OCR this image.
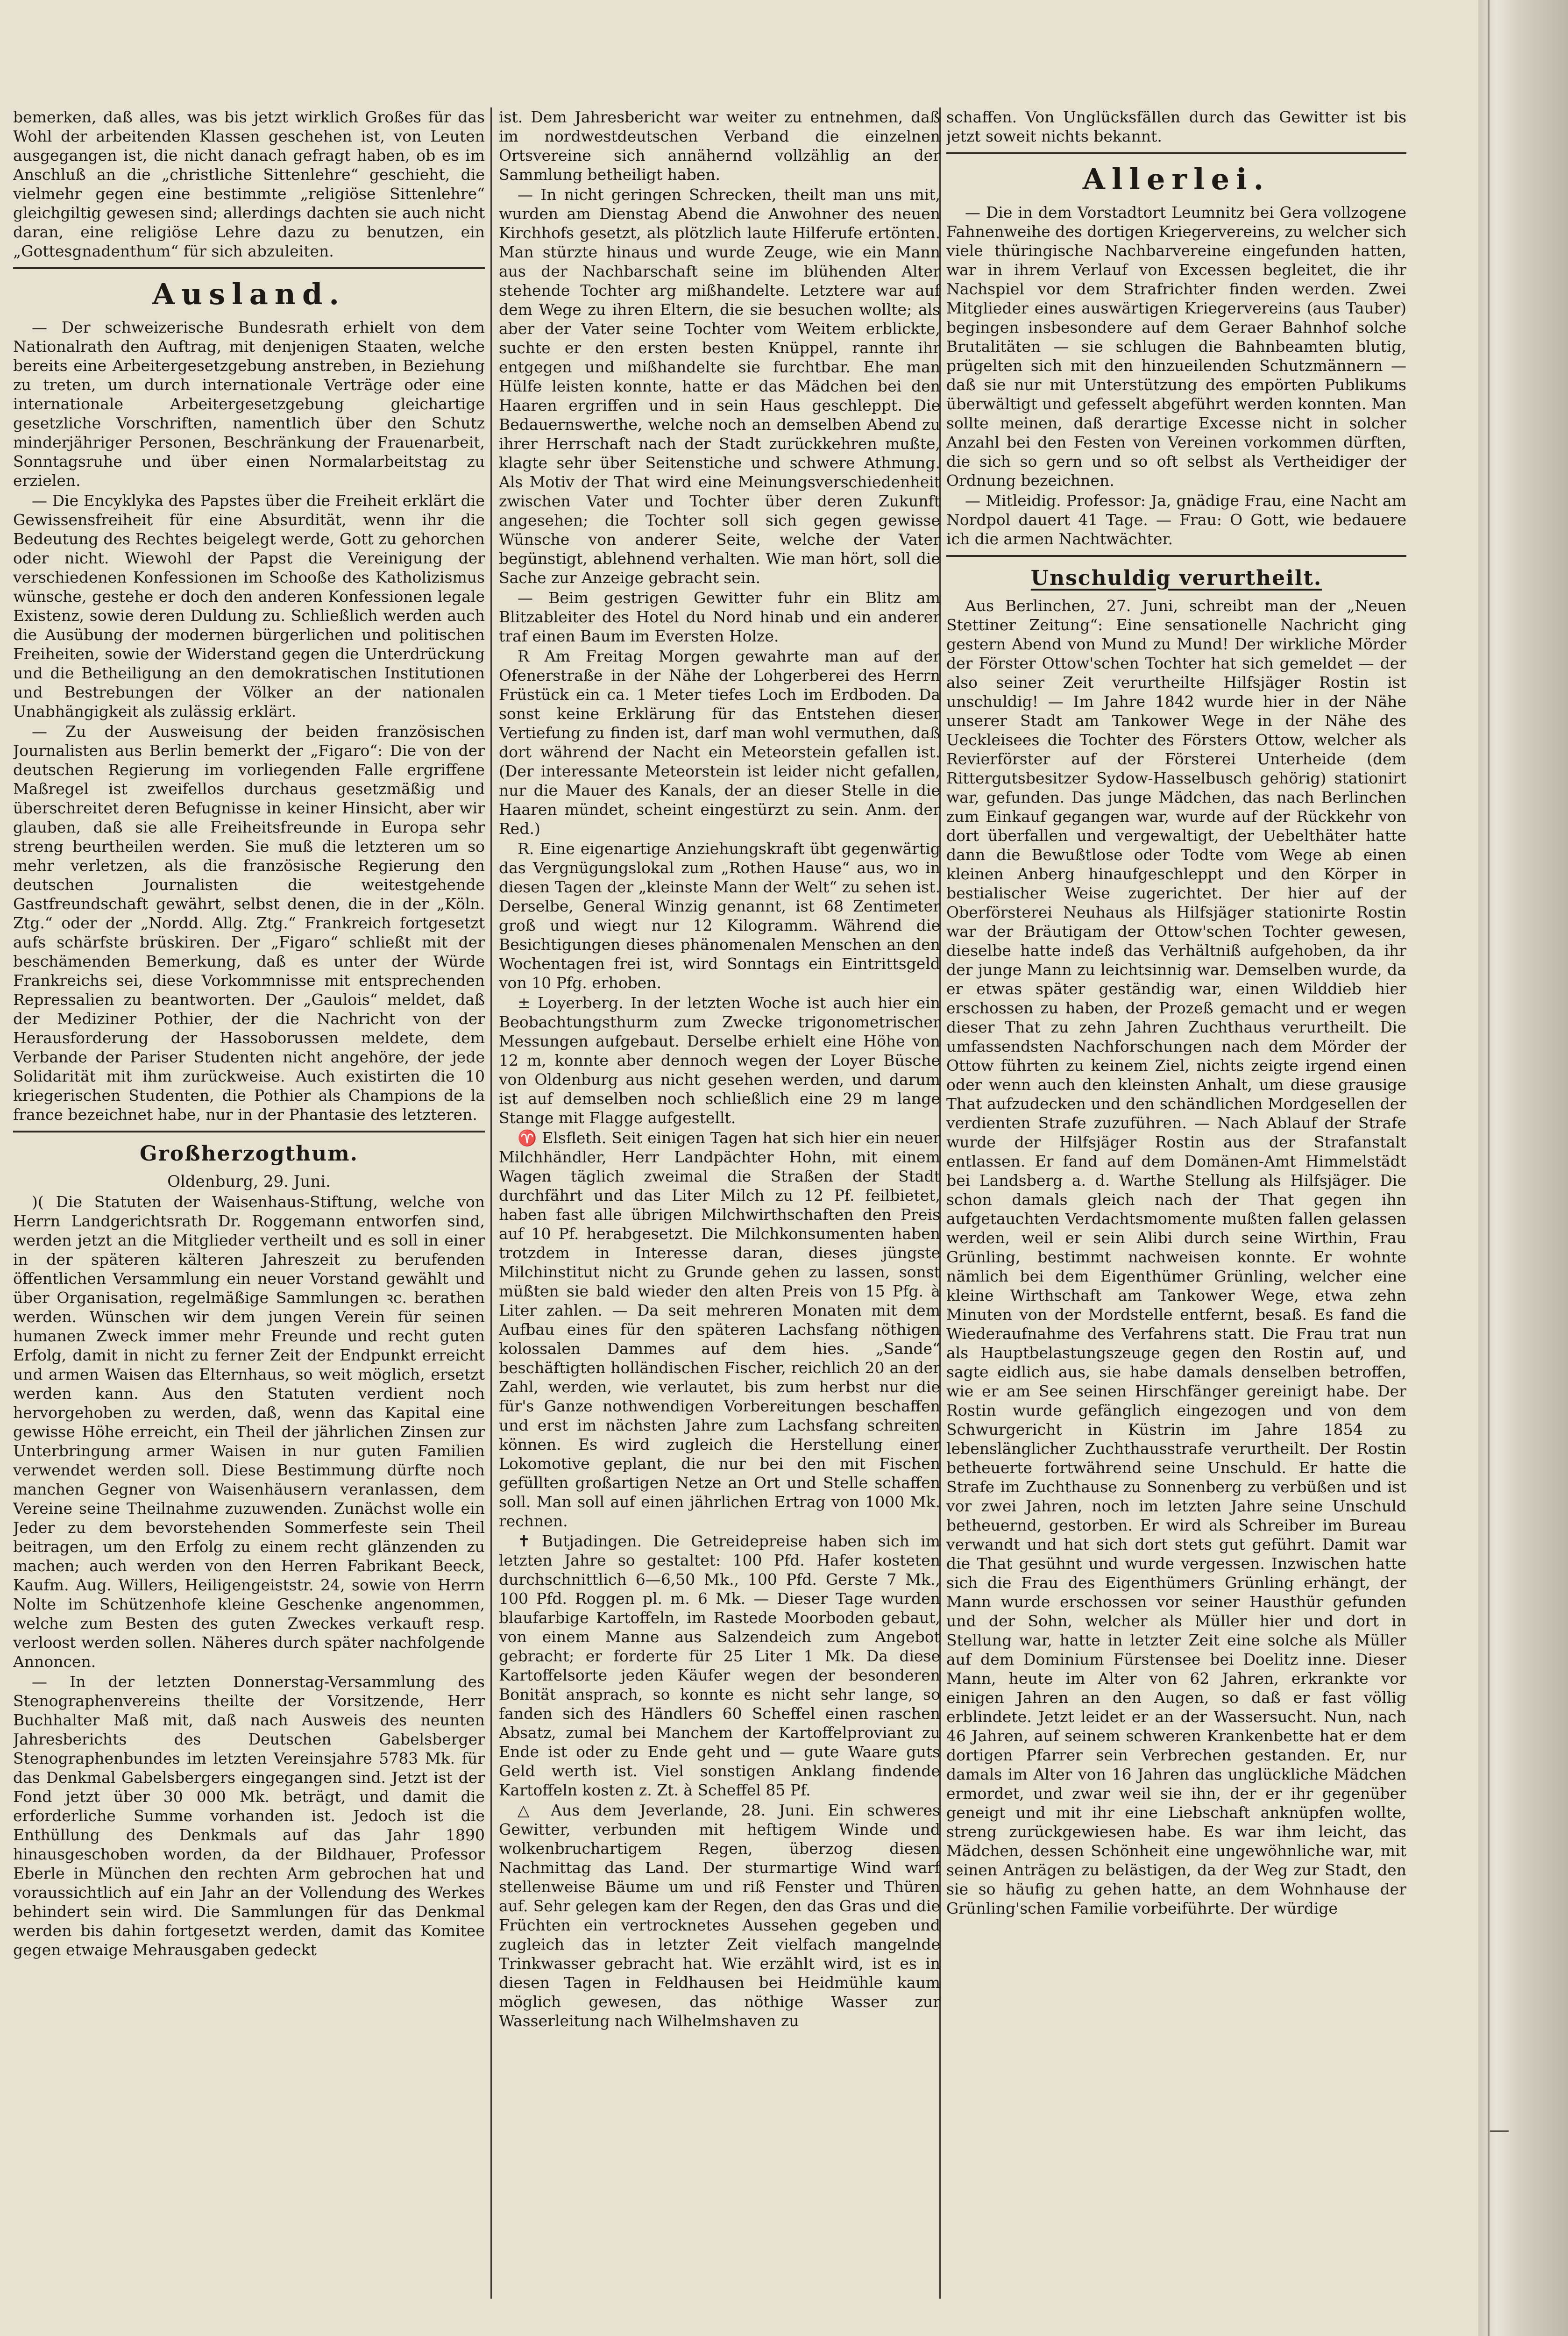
bemerken, daß alles, was bis jetzt wirklich Großes für das Wohl der arbeitenden Klassen geschehen ist, von Leuten ausgegangen ist, die nicht danach gefragt haben, ob es im Anschluß an die „christliche Sittenlehre“ geschieht, die vielmehr gegen eine bestimmte „religiöse Sittenlehre“ gleichgiltig gewesen sind; allerdings dachten sie auch nicht daran, eine religiöse Lehre dazu zu benutzen, ein „Gottesgnadenthum“ für sich abzuleiten.

Ausland.

— Der schweizerische Bundesrath erhielt von dem Nationalrath den Auftrag, mit denjenigen Staaten, welche bereits eine Arbeitergesetzgebung anstreben, in Beziehung zu treten, um durch internationale Verträge oder eine internationale Arbeitergesetzgebung gleichartige gesetzliche Vorschriften, namentlich über den Schutz minderjähriger Personen, Beschränkung der Frauenarbeit, Sonntagsruhe und über einen Normalarbeitstag zu erzielen.

— Die Encyklyka des Papstes über die Freiheit erklärt die Gewissensfreiheit für eine Absurdität, wenn ihr die Bedeutung des Rechtes beigelegt werde, Gott zu gehorchen oder nicht. Wiewohl der Papst die Vereinigung der verschiedenen Konfessionen im Schooße des Katholizismus wünsche, gestehe er doch den anderen Konfessionen legale Existenz, sowie deren Duldung zu. Schließlich werden auch die Ausübung der modernen bürgerlichen und politischen Freiheiten, sowie der Widerstand gegen die Unterdrückung und die Betheiligung an den demokratischen Institutionen und Bestrebungen der Völker an der nationalen Unabhängigkeit als zulässig erklärt.

— Zu der Ausweisung der beiden französischen Journalisten aus Berlin bemerkt der „Figaro“: Die von der deutschen Regierung im vorliegenden Falle ergriffene Maßregel ist zweifellos durchaus gesetzmäßig und überschreitet deren Befugnisse in keiner Hinsicht, aber wir glauben, daß sie alle Freiheitsfreunde in Europa sehr streng beurtheilen werden. Sie muß die letzteren um so mehr verletzen, als die französische Regierung den deutschen Journalisten die weitestgehende Gastfreundschaft gewährt, selbst denen, die in der „Köln. Ztg.“ oder der „Nordd. Allg. Ztg.“ Frankreich fortgesetzt aufs schärfste brüskiren. Der „Figaro“ schließt mit der beschämenden Bemerkung, daß es unter der Würde Frankreichs sei, diese Vorkommnisse mit entsprechenden Repressalien zu beantworten. Der „Gaulois“ meldet, daß der Mediziner Pothier, der die Nachricht von der Herausforderung der Hassoborussen meldete, dem Verbande der Pariser Studenten nicht angehöre, der jede Solidarität mit ihm zurückweise. Auch existirten die 10 kriegerischen Studenten, die Pothier als Champions de la france bezeichnet habe, nur in der Phantasie des letzteren.

Großherzogthum.

Oldenburg, 29. Juni.

)( Die Statuten der Waisenhaus-Stiftung, welche von Herrn Landgerichtsrath Dr. Roggemann entworfen sind, werden jetzt an die Mitglieder vertheilt und es soll in einer in der späteren kälteren Jahreszeit zu berufenden öffentlichen Versammlung ein neuer Vorstand gewählt und über Organisation, regelmäßige Sammlungen ꝛc. berathen werden. Wünschen wir dem jungen Verein für seinen humanen Zweck immer mehr Freunde und recht guten Erfolg, damit in nicht zu ferner Zeit der Endpunkt erreicht und armen Waisen das Elternhaus, so weit möglich, ersetzt werden kann. Aus den Statuten verdient noch hervorgehoben zu werden, daß, wenn das Kapital eine gewisse Höhe erreicht, ein Theil der jährlichen Zinsen zur Unterbringung armer Waisen in nur guten Familien verwendet werden soll. Diese Bestimmung dürfte noch manchen Gegner von Waisenhäusern veranlassen, dem Vereine seine Theilnahme zuzuwenden. Zunächst wolle ein Jeder zu dem bevorstehenden Sommerfeste sein Theil beitragen, um den Erfolg zu einem recht glänzenden zu machen; auch werden von den Herren Fabrikant Beeck, Kaufm. Aug. Willers, Heiligengeiststr. 24, sowie von Herrn Nolte im Schützenhofe kleine Geschenke angenommen, welche zum Besten des guten Zweckes verkauft resp. verloost werden sollen. Näheres durch später nachfolgende Annoncen.

— In der letzten Donnerstag-Versammlung des Stenographenvereins theilte der Vorsitzende, Herr Buchhalter Maß mit, daß nach Ausweis des neunten Jahresberichts des Deutschen Gabelsberger Stenographenbundes im letzten Vereinsjahre 5783 Mk. für das Denkmal Gabelsbergers eingegangen sind. Jetzt ist der Fond jetzt über 30 000 Mk. beträgt, und damit die erforderliche Summe vorhanden ist. Jedoch ist die Enthüllung des Denkmals auf das Jahr 1890 hinausgeschoben worden, da der Bildhauer, Professor Eberle in München den rechten Arm gebrochen hat und voraussichtlich auf ein Jahr an der Vollendung des Werkes behindert sein wird. Die Sammlungen für das Denkmal werden bis dahin fortgesetzt werden, damit das Komitee gegen etwaige Mehrausgaben gedeckt

ist. Dem Jahresbericht war weiter zu entnehmen, daß im nordwestdeutschen Verband die einzelnen Ortsvereine sich annähernd vollzählig an der Sammlung betheiligt haben.

— In nicht geringen Schrecken, theilt man uns mit, wurden am Dienstag Abend die Anwohner des neuen Kirchhofs gesetzt, als plötzlich laute Hilferufe ertönten. Man stürzte hinaus und wurde Zeuge, wie ein Mann aus der Nachbarschaft seine im blühenden Alter stehende Tochter arg mißhandelte. Letztere war auf dem Wege zu ihren Eltern, die sie besuchen wollte; als aber der Vater seine Tochter vom Weitem erblickte, suchte er den ersten besten Knüppel, rannte ihr entgegen und mißhandelte sie furchtbar. Ehe man Hülfe leisten konnte, hatte er das Mädchen bei den Haaren ergriffen und in sein Haus geschleppt. Die Bedauernswerthe, welche noch an demselben Abend zu ihrer Herrschaft nach der Stadt zurückkehren mußte, klagte sehr über Seitenstiche und schwere Athmung. Als Motiv der That wird eine Meinungsverschiedenheit zwischen Vater und Tochter über deren Zukunft angesehen; die Tochter soll sich gegen gewisse Wünsche von anderer Seite, welche der Vater begünstigt, ablehnend verhalten. Wie man hört, soll die Sache zur Anzeige gebracht sein.

— Beim gestrigen Gewitter fuhr ein Blitz am Blitzableiter des Hotel du Nord hinab und ein anderer traf einen Baum im Eversten Holze.

R Am Freitag Morgen gewahrte man auf der Ofenerstraße in der Nähe der Lohgerberei des Herrn Früstück ein ca. 1 Meter tiefes Loch im Erdboden. Da sonst keine Erklärung für das Entstehen dieser Vertiefung zu finden ist, darf man wohl vermuthen, daß dort während der Nacht ein Meteorstein gefallen ist. (Der interessante Meteorstein ist leider nicht gefallen, nur die Mauer des Kanals, der an dieser Stelle in die Haaren mündet, scheint eingestürzt zu sein. Anm. der Red.)

R. Eine eigenartige Anziehungskraft übt gegenwärtig das Vergnügungslokal zum „Rothen Hause“ aus, wo in diesen Tagen der „kleinste Mann der Welt“ zu sehen ist. Derselbe, General Winzig genannt, ist 68 Zentimeter groß und wiegt nur 12 Kilogramm. Während die Besichtigungen dieses phänomenalen Menschen an den Wochentagen frei ist, wird Sonntags ein Eintrittsgeld von 10 Pfg. erhoben.

± Loyerberg. In der letzten Woche ist auch hier ein Beobachtungsthurm zum Zwecke trigonometrischer Messungen aufgebaut. Derselbe erhielt eine Höhe von 12 m, konnte aber dennoch wegen der Loyer Büsche von Oldenburg aus nicht gesehen werden, und darum ist auf demselben noch schließlich eine 29 m lange Stange mit Flagge aufgestellt.

♈ Elsfleth. Seit einigen Tagen hat sich hier ein neuer Milchhändler, Herr Landpächter Hohn, mit einem Wagen täglich zweimal die Straßen der Stadt durchfährt und das Liter Milch zu 12 Pf. feilbietet, haben fast alle übrigen Milchwirthschaften den Preis auf 10 Pf. herabgesetzt. Die Milchkonsumenten haben trotzdem in Interesse daran, dieses jüngste Milchinstitut nicht zu Grunde gehen zu lassen, sonst müßten sie bald wieder den alten Preis von 15 Pfg. à Liter zahlen. — Da seit mehreren Monaten mit dem Aufbau eines für den späteren Lachsfang nöthigen kolossalen Dammes auf dem hies. „Sande“ beschäftigten holländischen Fischer, reichlich 20 an der Zahl, werden, wie verlautet, bis zum herbst nur die für's Ganze nothwendigen Vorbereitungen beschaffen und erst im nächsten Jahre zum Lachsfang schreiten können. Es wird zugleich die Herstellung einer Lokomotive geplant, die nur bei den mit Fischen gefüllten großartigen Netze an Ort und Stelle schaffen soll. Man soll auf einen jährlichen Ertrag von 1000 Mk. rechnen.

✝ Butjadingen. Die Getreidepreise haben sich im letzten Jahre so gestaltet: 100 Pfd. Hafer kosteten durchschnittlich 6—6,50 Mk., 100 Pfd. Gerste 7 Mk., 100 Pfd. Roggen pl. m. 6 Mk. — Dieser Tage wurden blaufarbige Kartoffeln, im Rastede Moorboden gebaut, von einem Manne aus Salzendeich zum Angebot gebracht; er forderte für 25 Liter 1 Mk. Da diese Kartoffelsorte jeden Käufer wegen der besonderen Bonität ansprach, so konnte es nicht sehr lange, so fanden sich des Händlers 60 Scheffel einen raschen Absatz, zumal bei Manchem der Kartoffelproviant zu Ende ist oder zu Ende geht und — gute Waare guts Geld werth ist. Viel sonstigen Anklang findende Kartoffeln kosten z. Zt. à Scheffel 85 Pf.

△ Aus dem Jeverlande, 28. Juni. Ein schweres Gewitter, verbunden mit heftigem Winde und wolkenbruchartigem Regen, überzog diesen Nachmittag das Land. Der sturmartige Wind warf stellenweise Bäume um und riß Fenster und Thüren auf. Sehr gelegen kam der Regen, den das Gras und die Früchten ein vertrocknetes Aussehen gegeben und zugleich das in letzter Zeit vielfach mangelnde Trinkwasser gebracht hat. Wie erzählt wird, ist es in diesen Tagen in Feldhausen bei Heidmühle kaum möglich gewesen, das nöthige Wasser zur Wasserleitung nach Wilhelmshaven zu

schaffen. Von Unglücksfällen durch das Gewitter ist bis jetzt soweit nichts bekannt.

Allerlei.

— Die in dem Vorstadtort Leumnitz bei Gera vollzogene Fahnenweihe des dortigen Kriegervereins, zu welcher sich viele thüringische Nachbarvereine eingefunden hatten, war in ihrem Verlauf von Excessen begleitet, die ihr Nachspiel vor dem Strafrichter finden werden. Zwei Mitglieder eines auswärtigen Kriegervereins (aus Tauber) begingen insbesondere auf dem Geraer Bahnhof solche Brutalitäten — sie schlugen die Bahnbeamten blutig, prügelten sich mit den hinzueilenden Schutzmännern — daß sie nur mit Unterstützung des empörten Publikums überwältigt und gefesselt abgeführt werden konnten. Man sollte meinen, daß derartige Excesse nicht in solcher Anzahl bei den Festen von Vereinen vorkommen dürften, die sich so gern und so oft selbst als Vertheidiger der Ordnung bezeichnen.

— Mitleidig. Professor: Ja, gnädige Frau, eine Nacht am Nordpol dauert 41 Tage. — Frau: O Gott, wie bedauere ich die armen Nachtwächter.

Unschuldig verurtheilt.

Aus Berlinchen, 27. Juni, schreibt man der „Neuen Stettiner Zeitung“: Eine sensationelle Nachricht ging gestern Abend von Mund zu Mund! Der wirkliche Mörder der Förster Ottow'schen Tochter hat sich gemeldet — der also seiner Zeit verurtheilte Hilfsjäger Rostin ist unschuldig! — Im Jahre 1842 wurde hier in der Nähe unserer Stadt am Tankower Wege in der Nähe des Ueckleisees die Tochter des Försters Ottow, welcher als Revierförster auf der Försterei Unterheide (dem Rittergutsbesitzer Sydow-Hasselbusch gehörig) stationirt war, gefunden. Das junge Mädchen, das nach Berlinchen zum Einkauf gegangen war, wurde auf der Rückkehr von dort überfallen und vergewaltigt, der Uebelthäter hatte dann die Bewußtlose oder Todte vom Wege ab einen kleinen Anberg hinaufgeschleppt und den Körper in bestialischer Weise zugerichtet. Der hier auf der Oberförsterei Neuhaus als Hilfsjäger stationirte Rostin war der Bräutigam der Ottow'schen Tochter gewesen, dieselbe hatte indeß das Verhältniß aufgehoben, da ihr der junge Mann zu leichtsinnig war. Demselben wurde, da er etwas später geständig war, einen Wilddieb hier erschossen zu haben, der Prozeß gemacht und er wegen dieser That zu zehn Jahren Zuchthaus verurtheilt. Die umfassendsten Nachforschungen nach dem Mörder der Ottow führten zu keinem Ziel, nichts zeigte irgend einen oder wenn auch den kleinsten Anhalt, um diese grausige That aufzudecken und den schändlichen Mordgesellen der verdienten Strafe zuzuführen. — Nach Ablauf der Strafe wurde der Hilfsjäger Rostin aus der Strafanstalt entlassen. Er fand auf dem Domänen-Amt Himmelstädt bei Landsberg a. d. Warthe Stellung als Hilfsjäger. Die schon damals gleich nach der That gegen ihn aufgetauchten Verdachtsmomente mußten fallen gelassen werden, weil er sein Alibi durch seine Wirthin, Frau Grünling, bestimmt nachweisen konnte. Er wohnte nämlich bei dem Eigenthümer Grünling, welcher eine kleine Wirthschaft am Tankower Wege, etwa zehn Minuten von der Mordstelle entfernt, besaß. Es fand die Wiederaufnahme des Verfahrens statt. Die Frau trat nun als Hauptbelastungszeuge gegen den Rostin auf, und sagte eidlich aus, sie habe damals denselben betroffen, wie er am See seinen Hirschfänger gereinigt habe. Der Rostin wurde gefänglich eingezogen und von dem Schwurgericht in Küstrin im Jahre 1854 zu lebenslänglicher Zuchthausstrafe verurtheilt. Der Rostin betheuerte fortwährend seine Unschuld. Er hatte die Strafe im Zuchthause zu Sonnenberg zu verbüßen und ist vor zwei Jahren, noch im letzten Jahre seine Unschuld betheuernd, gestorben. Er wird als Schreiber im Bureau verwandt und hat sich dort stets gut geführt. Damit war die That gesühnt und wurde vergessen. Inzwischen hatte sich die Frau des Eigenthümers Grünling erhängt, der Mann wurde erschossen vor seiner Hausthür gefunden und der Sohn, welcher als Müller hier und dort in Stellung war, hatte in letzter Zeit eine solche als Müller auf dem Dominium Fürstensee bei Doelitz inne. Dieser Mann, heute im Alter von 62 Jahren, erkrankte vor einigen Jahren an den Augen, so daß er fast völlig erblindete. Jetzt leidet er an der Wassersucht. Nun, nach 46 Jahren, auf seinem schweren Krankenbette hat er dem dortigen Pfarrer sein Verbrechen gestanden. Er, nur damals im Alter von 16 Jahren das unglückliche Mädchen ermordet, und zwar weil sie ihn, der er ihr gegenüber geneigt und mit ihr eine Liebschaft anknüpfen wollte, streng zurückgewiesen habe. Es war ihm leicht, das Mädchen, dessen Schönheit eine ungewöhnliche war, mit seinen Anträgen zu belästigen, da der Weg zur Stadt, den sie so häufig zu gehen hatte, an dem Wohnhause der Grünling'schen Familie vorbeiführte. Der würdige
